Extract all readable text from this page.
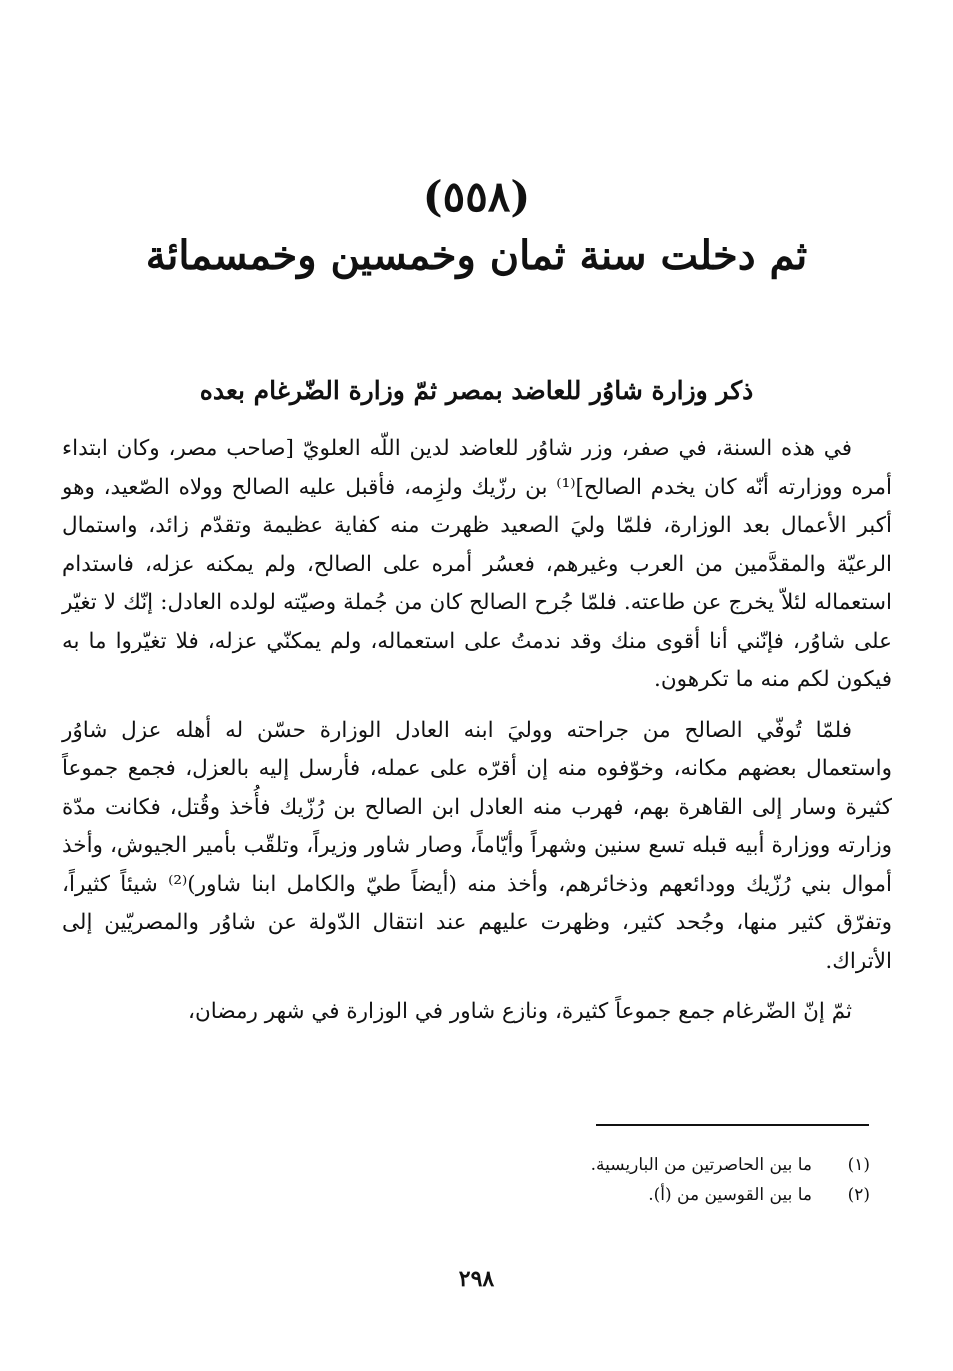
(٥٥٨)
ثم دخلت سنة ثمان وخمسين وخمسمائة
ذكر وزارة شاوُر للعاضد بمصر ثمّ وزارة الضّرغام بعده

في هذه السنة، في صفر، وزر شاوُر للعاضد لدين اللّه العلويّ [صاحب مصر، وكان ابتداء أمره ووزارته أنّه كان يخدم الصالح]⁽¹⁾ بن رزّيك ولزِمه، فأقبل عليه الصالح وولاه الصّعيد، وهو أكبر الأعمال بعد الوزارة، فلمّا وليَ الصعيد ظهرت منه كفاية عظيمة وتقدّم زائد، واستمال الرعيّة والمقدَّمين من العرب وغيرهم، فعسُر أمره على الصالح، ولم يمكنه عزله، فاستدام استعماله لئلاّ يخرج عن طاعته. فلمّا جُرح الصالح كان من جُملة وصيّته لولده العادل: إنّك لا تغيّر على شاوُر، فإنّني أنا أقوى منك وقد ندمتُ على استعماله، ولم يمكنّي عزله، فلا تغيّروا ما به فيكون لكم منه ما تكرهون.

فلمّا تُوفّي الصالح من جراحته ووليَ ابنه العادل الوزارة حسّن له أهله عزل شاوُر واستعمال بعضهم مكانه، وخوّفوه منه إن أقرّه على عمله، فأرسل إليه بالعزل، فجمع جموعاً كثيرة وسار إلى القاهرة بهم، فهرب منه العادل ابن الصالح بن رُزّيك فأُخذ وقُتل، فكانت مدّة وزارته ووزارة أبيه قبله تسع سنين وشهراً وأيّاماً، وصار شاور وزيراً، وتلقّب بأمير الجيوش، وأخذ أموال بني رُزّيك وودائعهم وذخائرهم، وأخذ منه (أيضاً طيّ والكامل ابنا شاور)⁽²⁾ شيئاً كثيراً، وتفرّق كثير منها، وجُحد كثير، وظهرت عليهم عند انتقال الدّولة عن شاوُر والمصريّين إلى الأتراك.

ثمّ إنّ الضّرغام جمع جموعاً كثيرة، ونازع شاور في الوزارة في شهر رمضان،

(١)
ما بين الحاصرتين من الباريسية.
(٢)
ما بين القوسين من (أ).
٢٩٨
